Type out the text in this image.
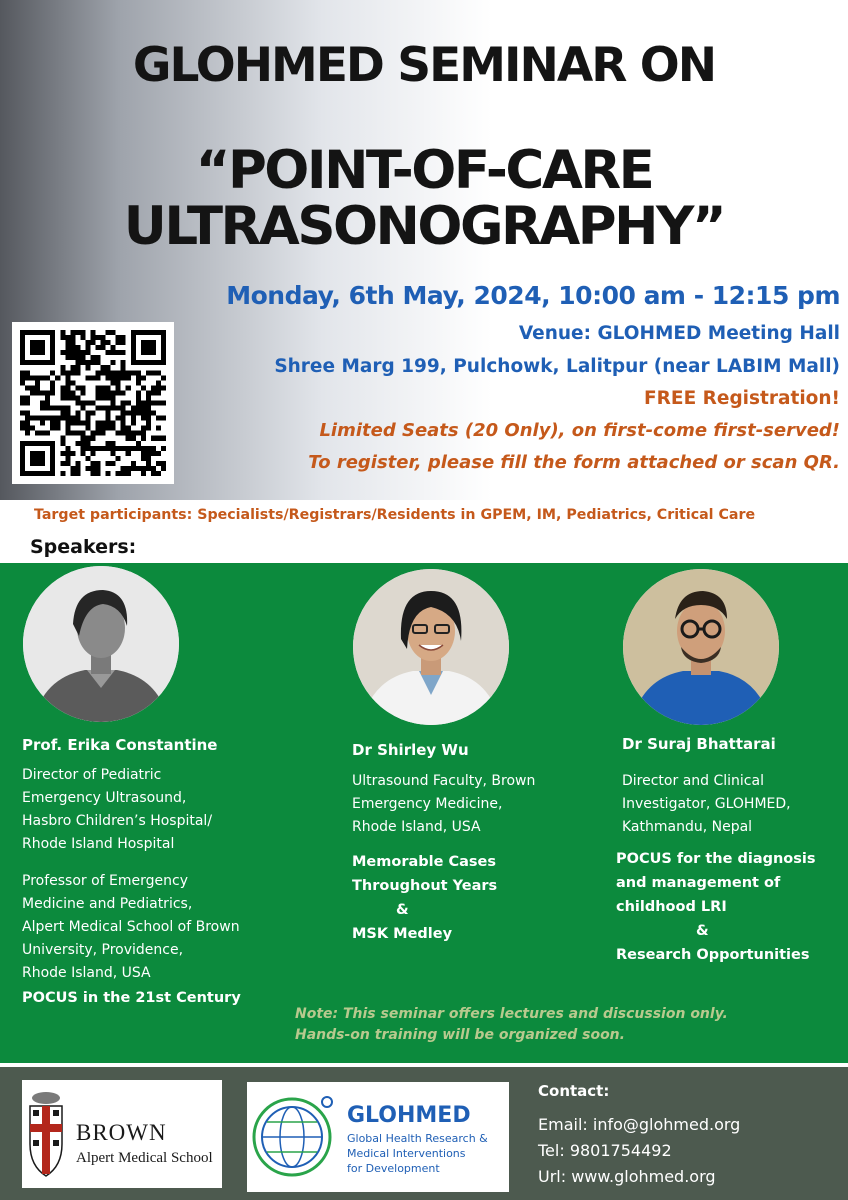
GLOHMED SEMINAR ON
“POINT-OF-CARE
ULTRASONOGRAPHY”
Monday, 6th May, 2024, 10:00 am - 12:15 pm
Venue: GLOHMED Meeting Hall
Shree Marg 199, Pulchowk, Lalitpur (near LABIM Mall)
FREE Registration!
Limited Seats (20 Only), on first-come first-served!
To register, please fill the form attached or scan QR.
Target participants: Specialists/Registrars/Residents in GPEM, IM, Pediatrics, Critical Care
Speakers:
Prof. Erika Constantine
Director of Pediatric
Emergency Ultrasound,
Hasbro Children’s Hospital/
Rhode Island Hospital
Professor of Emergency
Medicine and Pediatrics,
Alpert Medical School of Brown
University, Providence,
Rhode Island, USA
POCUS in the 21st Century
Dr Shirley Wu
Ultrasound Faculty, Brown
Emergency Medicine,
Rhode Island, USA
Memorable Cases
Throughout Years
&
MSK Medley
Dr Suraj Bhattarai
Director and Clinical
Investigator, GLOHMED,
Kathmandu, Nepal
POCUS for the diagnosis
and management of
childhood LRI
&
Research Opportunities
Note: This seminar offers lectures and discussion only.
Hands-on training will be organized soon.
BROWN
Alpert Medical School
GLOHMED
Global Health Research &
Medical Interventions
for Development
Contact:
Email: info@glohmed.org
Tel: 9801754492
Url: www.glohmed.org
